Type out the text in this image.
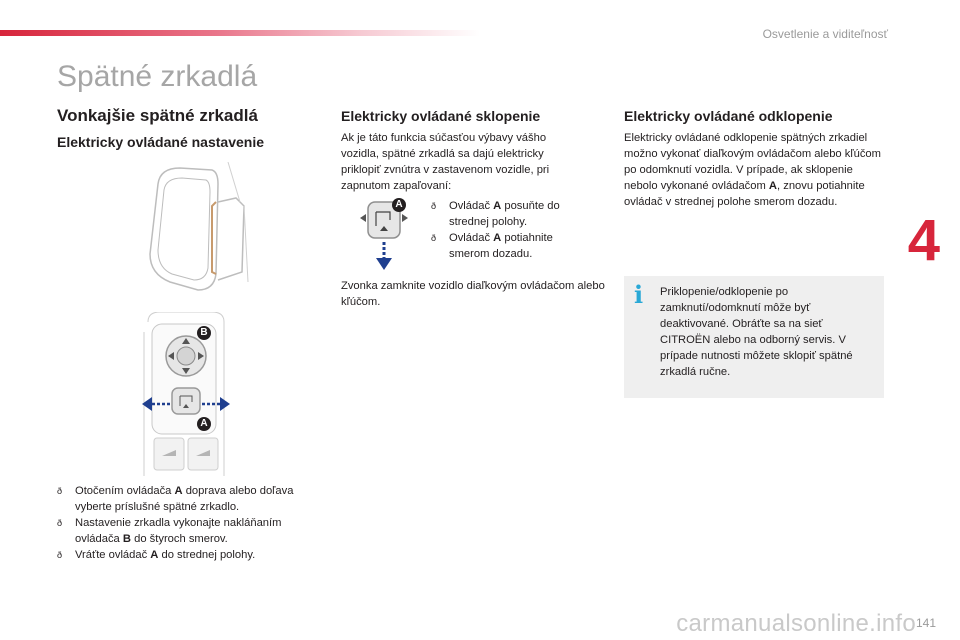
Osvetlenie a viditeľnosť
Spätné zrkadlá
4
Vonkajšie spätné zrkadlá
Elektricky ovládané nastavenie
B
A
ð Otočením ovládača A doprava alebo doľava vyberte príslušné spätné zrkadlo.
ð Nastavenie zrkadla vykonajte nakláňaním ovládača B do štyroch smerov.
ð Vráťte ovládač A do strednej polohy.
Elektricky ovládané sklopenie

Ak je táto funkcia súčasťou výbavy vášho vozidla, spätné zrkadlá sa dajú elektricky priklopiť zvnútra v zastavenom vozidle, pri zapnutom zapaľovaní:

A
ð	Ovládač A posuňte do strednej polohy.
ð Ovládač A potiahnite smerom dozadu.

Zvonka zamknite vozidlo diaľkovým ovládačom alebo kľúčom.

Elektricky ovládané odklopenie

Elektricky ovládané odklopenie spätných zrkadiel možno vykonať diaľkovým ovládačom alebo kľúčom po odomknutí vozidla. V prípade, ak sklopenie nebolo vykonané ovládačom A, znovu potiahnite ovládač v strednej polohe smerom dozadu.

i Priklopenie/odklopenie po zamknutí/odomknutí môže byť deaktivované. Obráťte sa na sieť CITROËN alebo na odborný servis. V prípade nutnosti môžete sklopiť spätné zrkadlá ručne.
141
carmanualsonline.info
